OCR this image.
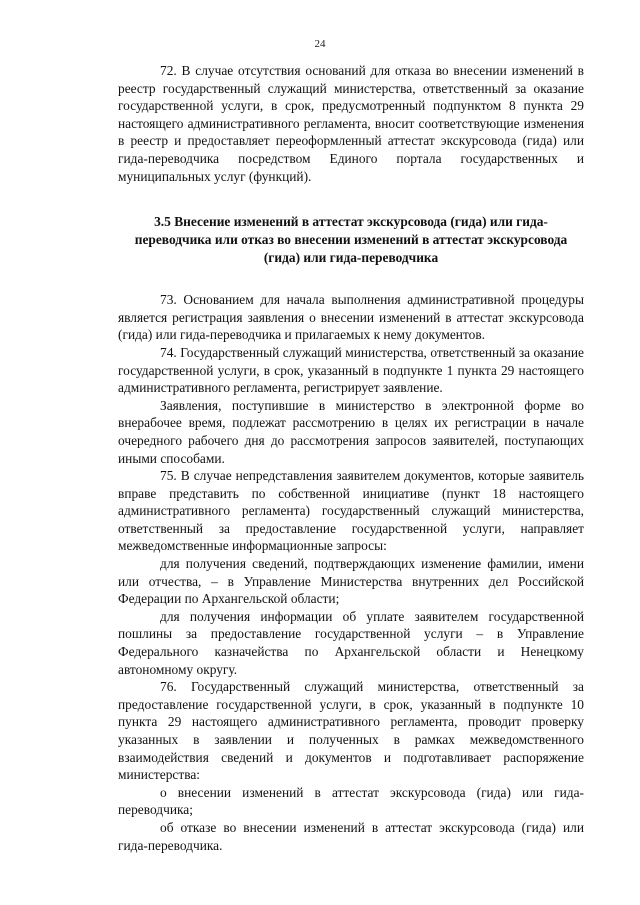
24

72. В случае отсутствия оснований для отказа во внесении изменений в реестр государственный служащий министерства, ответственный за оказание государственной услуги, в срок, предусмотренный подпунктом 8 пункта 29 настоящего административного регламента, вносит соответствующие изменения в реестр и предоставляет переоформленный аттестат экскурсовода (гида) или гида-переводчика посредством Единого портала государственных и муниципальных услуг (функций).

3.5 Внесение изменений в аттестат экскурсовода (гида) или гида-переводчика или отказ во внесении изменений в аттестат экскурсовода (гида) или гида-переводчика

73. Основанием для начала выполнения административной процедуры является регистрация заявления о внесении изменений в аттестат экскурсовода (гида) или гида-переводчика и прилагаемых к нему документов.

74. Государственный служащий министерства, ответственный за оказание государственной услуги, в срок, указанный в подпункте 1 пункта 29 настоящего административного регламента, регистрирует заявление.

Заявления, поступившие в министерство в электронной форме во внерабочее время, подлежат рассмотрению в целях их регистрации в начале очередного рабочего дня до рассмотрения запросов заявителей, поступающих иными способами.

75. В случае непредставления заявителем документов, которые заявитель вправе представить по собственной инициативе (пункт 18 настоящего административного регламента) государственный служащий министерства, ответственный за предоставление государственной услуги, направляет межведомственные информационные запросы:

для получения сведений, подтверждающих изменение фамилии, имени или отчества, – в Управление Министерства внутренних дел Российской Федерации по Архангельской области;

для получения информации об уплате заявителем государственной пошлины за предоставление государственной услуги – в Управление Федерального казначейства по Архангельской области и Ненецкому автономному округу.

76. Государственный служащий министерства, ответственный за предоставление государственной услуги, в срок, указанный в подпункте 10 пункта 29 настоящего административного регламента, проводит проверку указанных в заявлении и полученных в рамках межведомственного взаимодействия сведений и документов и подготавливает распоряжение министерства:

о внесении изменений в аттестат экскурсовода (гида) или гида-переводчика;

об отказе во внесении изменений в аттестат экскурсовода (гида) или гида-переводчика.
